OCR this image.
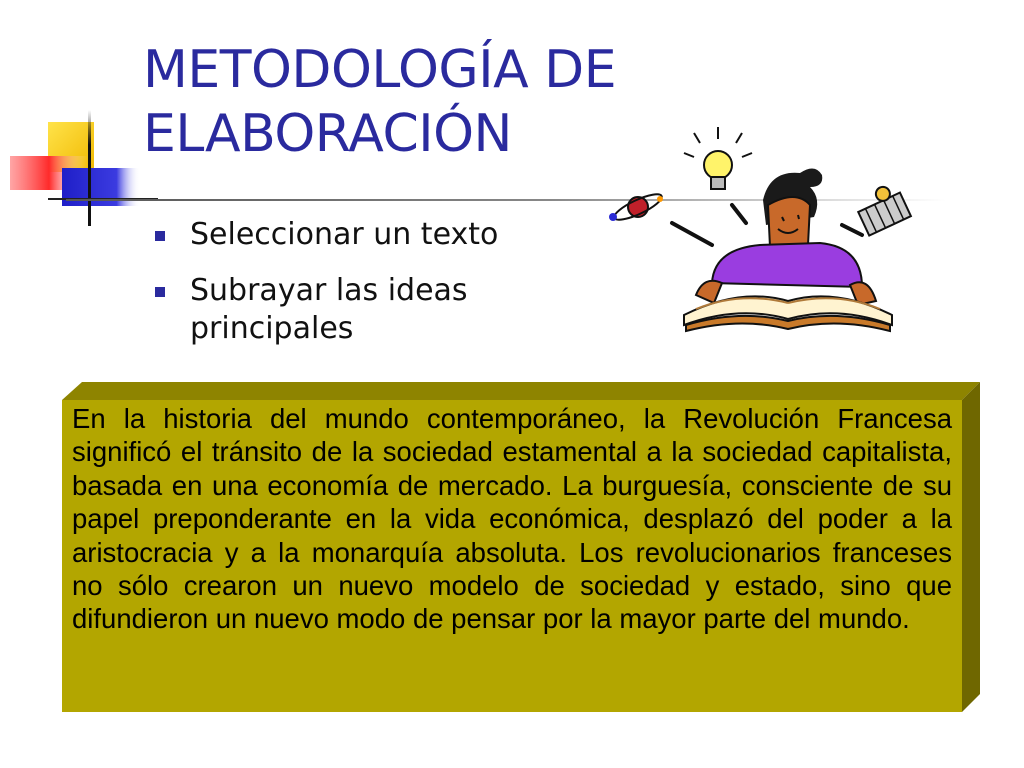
METODOLOGÍA DE
ELABORACIÓN
Seleccionar un texto
Subrayar las ideas principales

En la historia del mundo contemporáneo, la Revolución Francesa significó el tránsito de la sociedad estamental a la sociedad capitalista, basada en una economía de mercado. La burguesía, consciente de su papel preponderante en la vida económica, desplazó del poder a la aristocracia y a la monarquía absoluta. Los revolucionarios franceses no sólo crearon un nuevo modelo de sociedad y estado, sino que difundieron un nuevo modo de pensar por la mayor parte del mundo.
